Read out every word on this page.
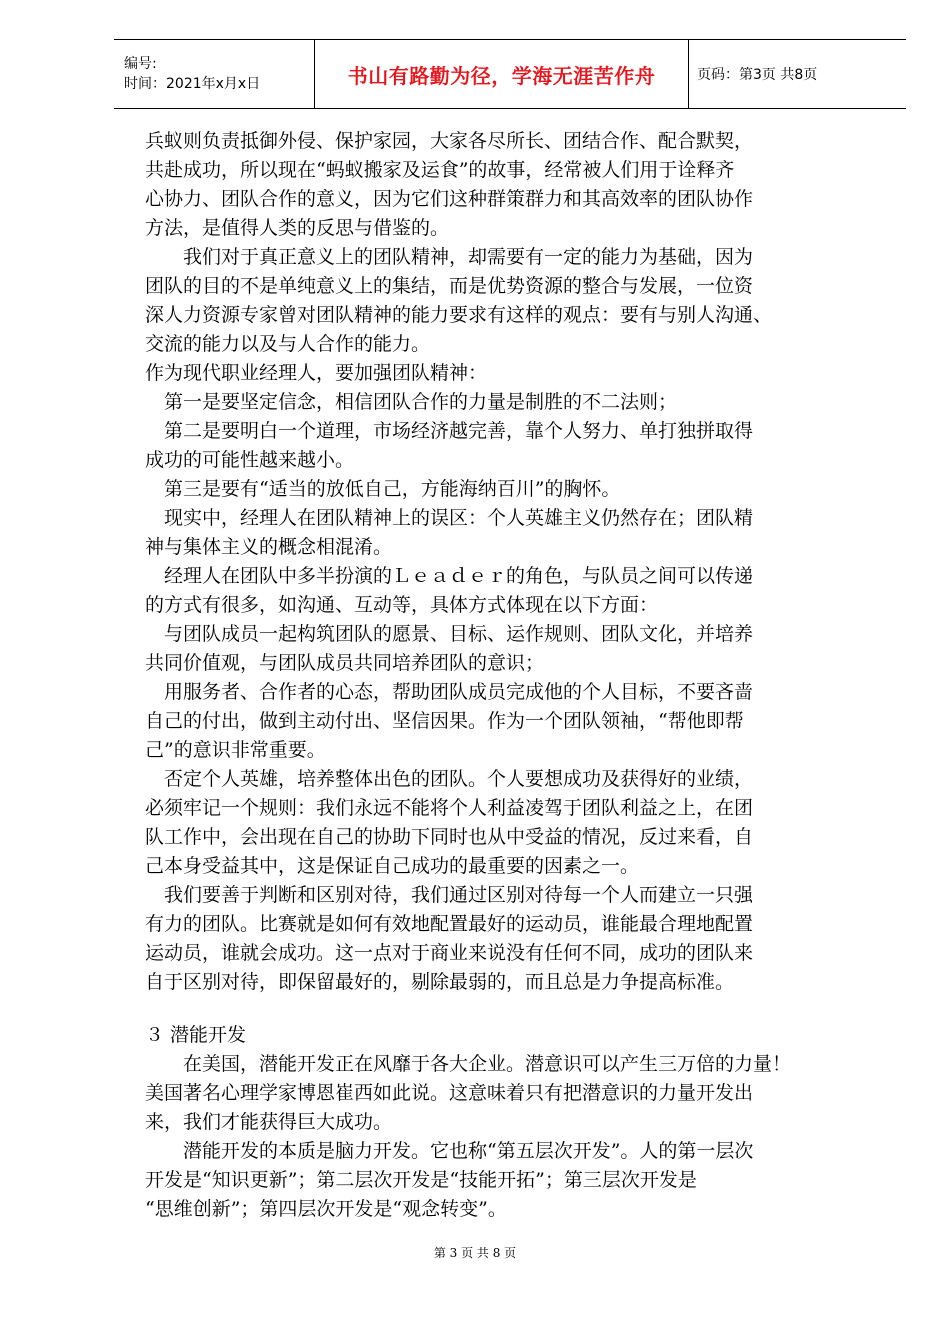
编号:
时间：2021年x月x日	书山有路勤为径，学海无涯苦作舟	页码：第3页 共8页
兵蚁则负责抵御外侵、保护家园，大家各尽所长、团结合作、配合默契，
共赴成功，所以现在“蚂蚁搬家及运食”的故事，经常被人们用于诠释齐
心协力、团队合作的意义，因为它们这种群策群力和其高效率的团队协作
方法，是值得人类的反思与借鉴的。
我们对于真正意义上的团队精神，却需要有一定的能力为基础，因为
团队的目的不是单纯意义上的集结，而是优势资源的整合与发展，一位资
深人力资源专家曾对团队精神的能力要求有这样的观点：要有与别人沟通、
交流的能力以及与人合作的能力。
作为现代职业经理人，要加强团队精神：
第一是要坚定信念，相信团队合作的力量是制胜的不二法则；
第二是要明白一个道理，市场经济越完善，靠个人努力、单打独拼取得
成功的可能性越来越小。
第三是要有“适当的放低自己，方能海纳百川”的胸怀。
现实中，经理人在团队精神上的误区：个人英雄主义仍然存在；团队精
神与集体主义的概念相混淆。
经理人在团队中多半扮演的Ｌｅａｄｅｒ的角色，与队员之间可以传递
的方式有很多，如沟通、互动等，具体方式体现在以下方面：
与团队成员一起构筑团队的愿景、目标、运作规则、团队文化，并培养
共同价值观，与团队成员共同培养团队的意识；
用服务者、合作者的心态，帮助团队成员完成他的个人目标，不要吝啬
自己的付出，做到主动付出、坚信因果。作为一个团队领袖，“帮他即帮
己”的意识非常重要。
否定个人英雄，培养整体出色的团队。个人要想成功及获得好的业绩，
必须牢记一个规则：我们永远不能将个人利益凌驾于团队利益之上，在团
队工作中，会出现在自己的协助下同时也从中受益的情况，反过来看，自
己本身受益其中，这是保证自己成功的最重要的因素之一。
我们要善于判断和区别对待，我们通过区别对待每一个人而建立一只强
有力的团队。比赛就是如何有效地配置最好的运动员，谁能最合理地配置
运动员，谁就会成功。这一点对于商业来说没有任何不同，成功的团队来
自于区别对待，即保留最好的，剔除最弱的，而且总是力争提高标准。
３ 潜能开发
在美国，潜能开发正在风靡于各大企业。潜意识可以产生三万倍的力量！
美国著名心理学家博恩崔西如此说。这意味着只有把潜意识的力量开发出
来，我们才能获得巨大成功。
潜能开发的本质是脑力开发。它也称“第五层次开发”。人的第一层次
开发是“知识更新”；第二层次开发是“技能开拓”；第三层次开发是
“思维创新”；第四层次开发是“观念转变”。
第 3 页 共 8 页
